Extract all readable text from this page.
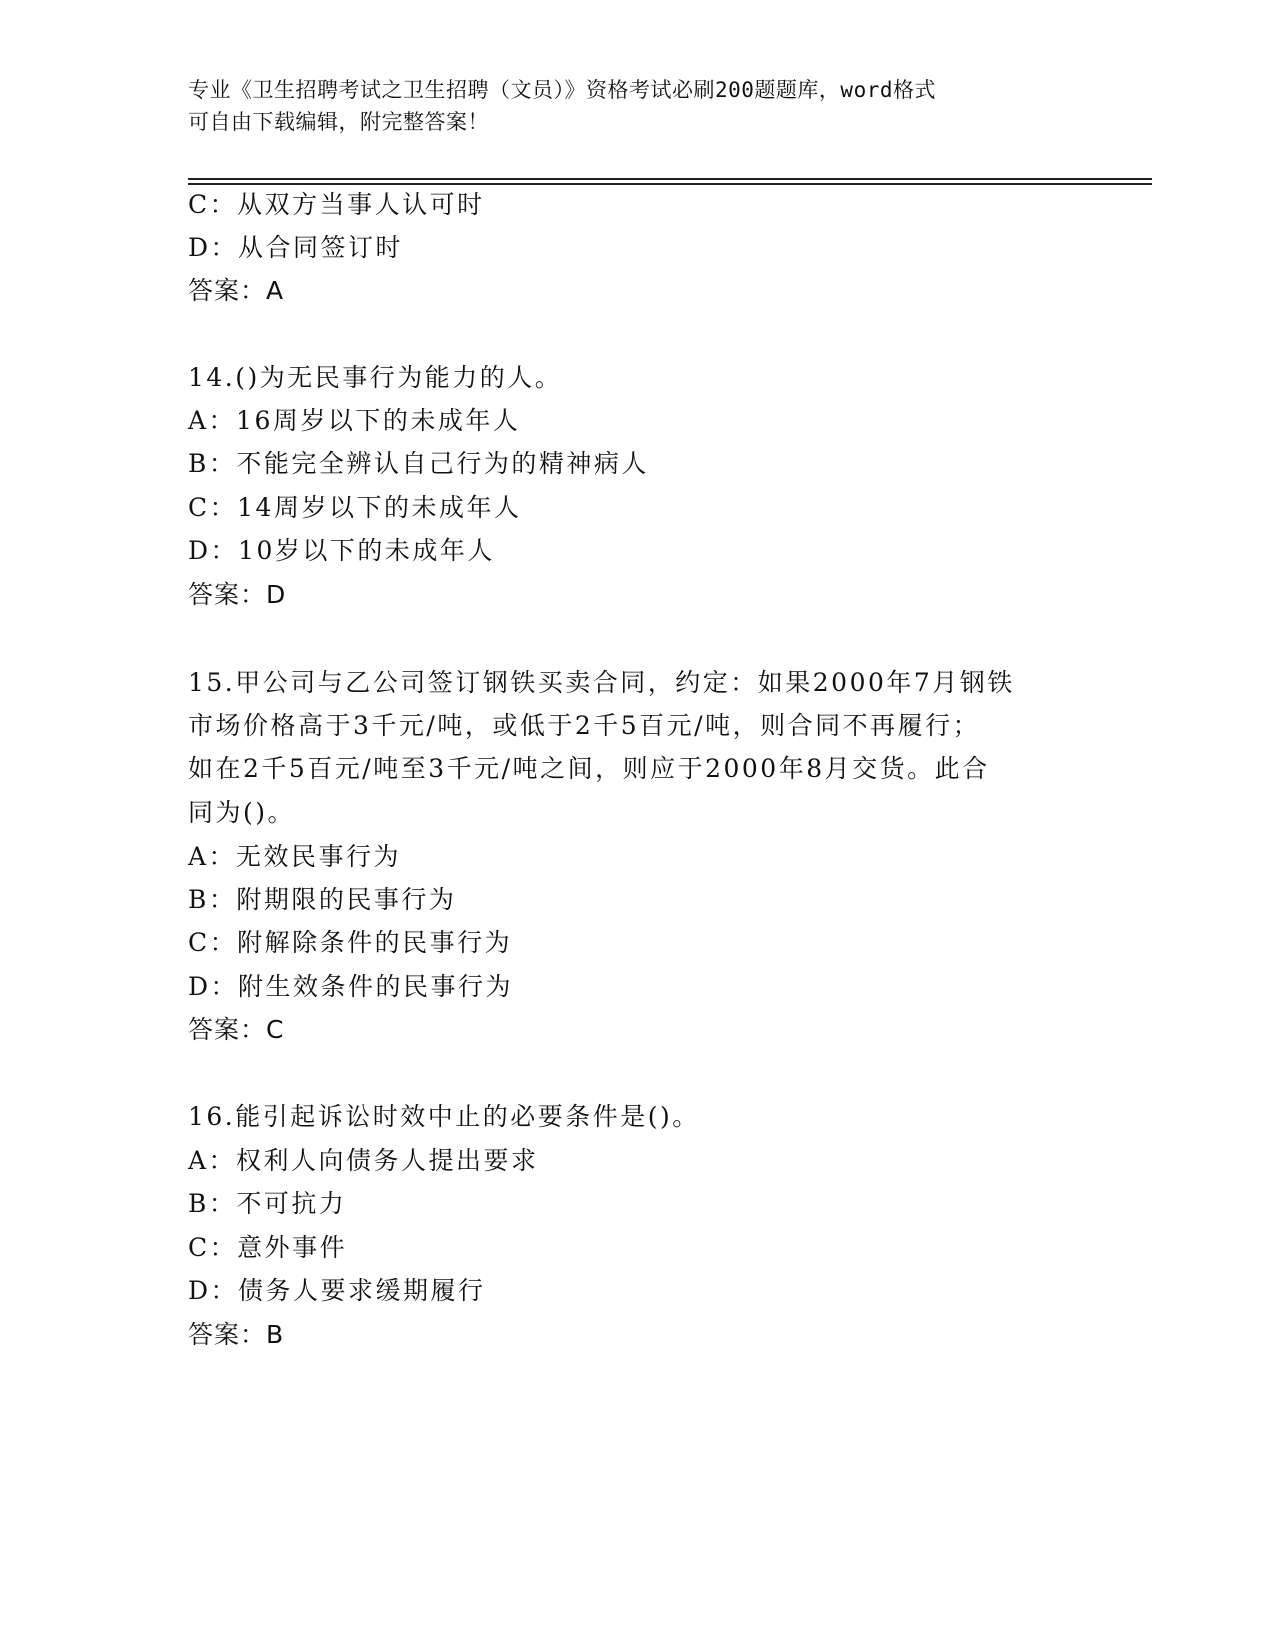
专业《卫生招聘考试之卫生招聘（文员）》资格考试必刷200题题库，word格式

可自由下载编辑，附完整答案！

C：从双方当事人认可时
D：从合同签订时
答案：A
14.()为无民事行为能力的人。
A：16周岁以下的未成年人
B：不能完全辨认自己行为的精神病人
C：14周岁以下的未成年人
D：10岁以下的未成年人
答案：D
15.甲公司与乙公司签订钢铁买卖合同，约定：如果2000年7月钢铁
市场价格高于3千元/吨，或低于2千5百元/吨，则合同不再履行；
如在2千5百元/吨至3千元/吨之间，则应于2000年8月交货。此合
同为()。
A：无效民事行为
B：附期限的民事行为
C：附解除条件的民事行为
D：附生效条件的民事行为
答案：C
16.能引起诉讼时效中止的必要条件是()。
A：权利人向债务人提出要求
B：不可抗力
C：意外事件
D：债务人要求缓期履行
答案：B
